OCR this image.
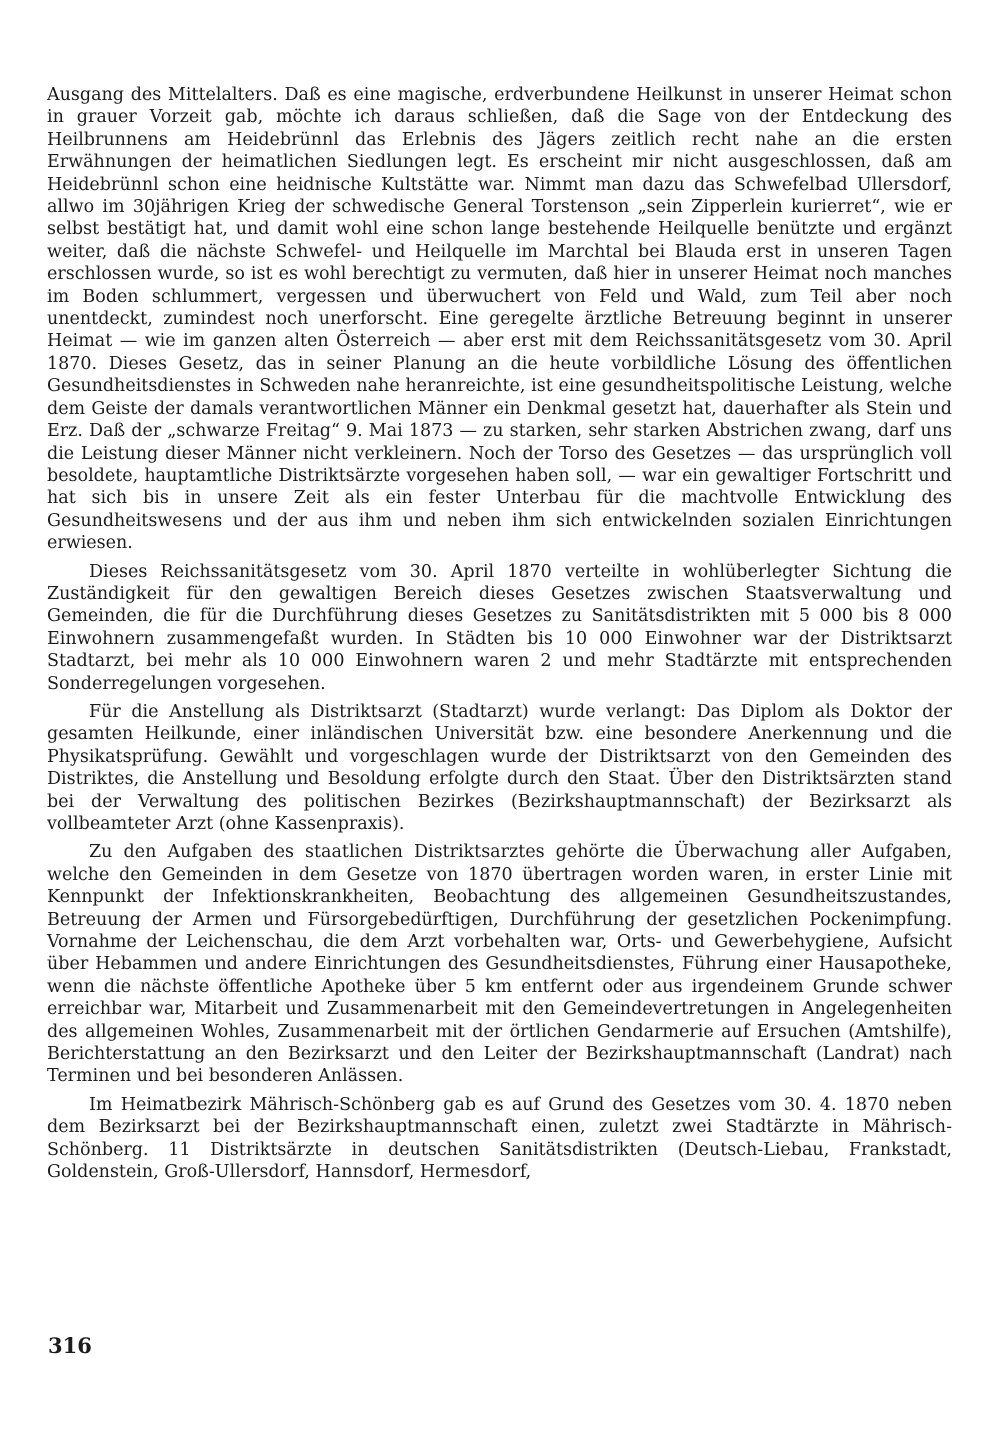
Ausgang des Mittelalters. Daß es eine magische, erdverbundene Heilkunst in unserer Heimat schon in grauer Vorzeit gab, möchte ich daraus schließen, daß die Sage von der Entdeckung des Heilbrunnens am Heidebrünnl das Erlebnis des Jägers zeitlich recht nahe an die ersten Erwähnungen der heimatlichen Siedlungen legt. Es erscheint mir nicht ausgeschlossen, daß am Heidebrünnl schon eine heidnische Kultstätte war. Nimmt man dazu das Schwefelbad Ullersdorf, allwo im 30jährigen Krieg der schwedische General Torstenson „sein Zipperlein kurierret“, wie er selbst bestätigt hat, und damit wohl eine schon lange bestehende Heilquelle benützte und ergänzt weiter, daß die nächste Schwefel- und Heilquelle im Marchtal bei Blauda erst in unseren Tagen erschlossen wurde, so ist es wohl berechtigt zu vermuten, daß hier in unserer Heimat noch manches im Boden schlummert, vergessen und überwuchert von Feld und Wald, zum Teil aber noch unentdeckt, zumindest noch unerforscht. Eine geregelte ärztliche Betreuung beginnt in unserer Heimat — wie im ganzen alten Österreich — aber erst mit dem Reichssanitätsgesetz vom 30. April 1870. Dieses Gesetz, das in seiner Planung an die heute vorbildliche Lösung des öffentlichen Gesundheitsdienstes in Schweden nahe heranreichte, ist eine gesundheitspolitische Leistung, welche dem Geiste der damals verantwortlichen Männer ein Denkmal gesetzt hat, dauerhafter als Stein und Erz. Daß der „schwarze Freitag“ 9. Mai 1873 — zu starken, sehr starken Abstrichen zwang, darf uns die Leistung dieser Männer nicht verkleinern. Noch der Torso des Gesetzes — das ursprünglich voll besoldete, hauptamtliche Distriktsärzte vorgesehen haben soll, — war ein gewaltiger Fortschritt und hat sich bis in unsere Zeit als ein fester Unterbau für die machtvolle Entwicklung des Gesundheitswesens und der aus ihm und neben ihm sich entwickelnden sozialen Einrichtungen erwiesen.

Dieses Reichssanitätsgesetz vom 30. April 1870 verteilte in wohlüberlegter Sichtung die Zuständigkeit für den gewaltigen Bereich dieses Gesetzes zwischen Staatsverwaltung und Gemeinden, die für die Durchführung dieses Gesetzes zu Sanitätsdistrikten mit 5 000 bis 8 000 Einwohnern zusammengefaßt wurden. In Städten bis 10 000 Einwohner war der Distriktsarzt Stadtarzt, bei mehr als 10 000 Einwohnern waren 2 und mehr Stadtärzte mit entsprechenden Sonderregelungen vorgesehen.

Für die Anstellung als Distriktsarzt (Stadtarzt) wurde verlangt: Das Diplom als Doktor der gesamten Heilkunde, einer inländischen Universität bzw. eine besondere Anerkennung und die Physikatsprüfung. Gewählt und vorgeschlagen wurde der Distriktsarzt von den Gemeinden des Distriktes, die Anstellung und Besoldung erfolgte durch den Staat. Über den Distriktsärzten stand bei der Verwaltung des politischen Bezirkes (Bezirkshauptmannschaft) der Bezirksarzt als vollbeamteter Arzt (ohne Kassenpraxis).

Zu den Aufgaben des staatlichen Distriktsarztes gehörte die Überwachung aller Aufgaben, welche den Gemeinden in dem Gesetze von 1870 übertragen worden waren, in erster Linie mit Kennpunkt der Infektionskrankheiten, Beobachtung des allgemeinen Gesundheitszustandes, Betreuung der Armen und Fürsorgebedürftigen, Durchführung der gesetzlichen Pockenimpfung. Vornahme der Leichenschau, die dem Arzt vorbehalten war, Orts- und Gewerbehygiene, Aufsicht über Hebammen und andere Einrichtungen des Gesundheitsdienstes, Führung einer Hausapotheke, wenn die nächste öffentliche Apotheke über 5 km entfernt oder aus irgendeinem Grunde schwer erreichbar war, Mitarbeit und Zusammenarbeit mit den Gemeindevertretungen in Angelegenheiten des allgemeinen Wohles, Zusammenarbeit mit der örtlichen Gendarmerie auf Ersuchen (Amtshilfe), Berichterstattung an den Bezirksarzt und den Leiter der Bezirkshauptmannschaft (Landrat) nach Terminen und bei besonderen Anlässen.

Im Heimatbezirk Mährisch-Schönberg gab es auf Grund des Gesetzes vom 30. 4. 1870 neben dem Bezirksarzt bei der Bezirkshauptmannschaft einen, zuletzt zwei Stadtärzte in Mährisch-Schönberg. 11 Distriktsärzte in deutschen Sanitätsdistrikten (Deutsch-Liebau, Frankstadt, Goldenstein, Groß-Ullersdorf, Hannsdorf, Hermesdorf,

316
